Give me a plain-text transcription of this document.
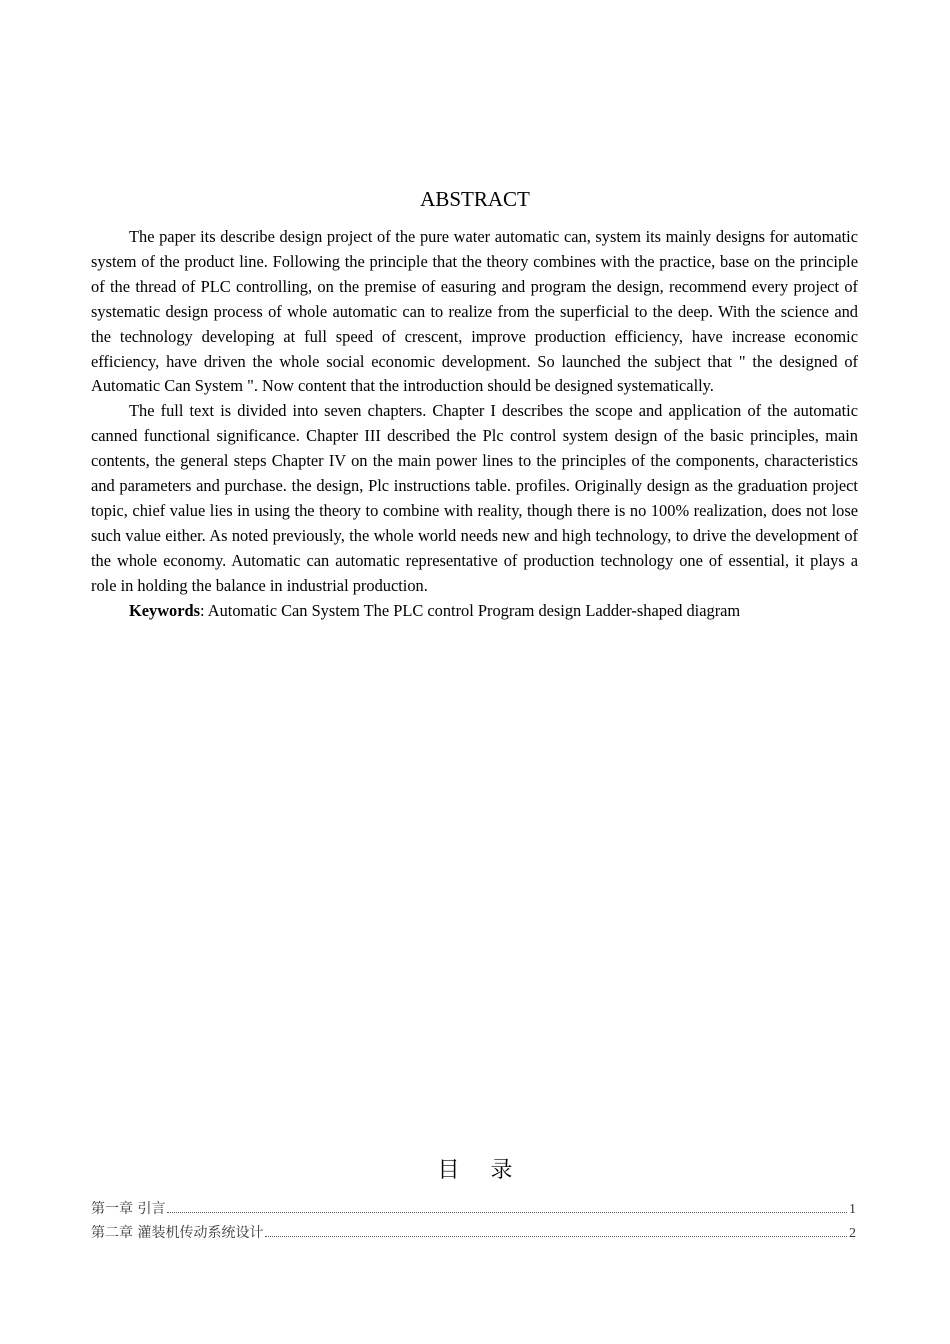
ABSTRACT

The paper its describe design project of the pure water automatic can, system its mainly designs for automatic system of the product line. Following the principle that the theory combines with the practice, base on the principle of the thread of PLC controlling, on the premise of easuring and program the design, recommend every project of systematic design process of whole automatic can to realize from the superficial to the deep. With the science and the technology developing at full speed of crescent, improve production efficiency, have increase economic efficiency, have driven the whole social economic development. So launched the subject that " the designed of Automatic Can System ". Now content that the introduction should be designed systematically.

The full text is divided into seven chapters. Chapter I describes the scope and application of the automatic canned functional significance. Chapter III described the Plc control system design of the basic principles, main contents, the general steps Chapter IV on the main power lines to the principles of the components, characteristics and parameters and purchase. the design, Plc instructions table. profiles. Originally design as the graduation project topic, chief value lies in using the theory to combine with reality, though there is no 100% realization, does not lose such value either. As noted previously, the whole world needs new and high technology, to drive the development of the whole economy. Automatic can automatic representative of production technology one of essential, it plays a role in holding the balance in industrial production.

Keywords: Automatic Can System The PLC control Program design Ladder-shaped diagram

目 录
第一章 引言	1
第二章 灌装机传动系统设计	2
